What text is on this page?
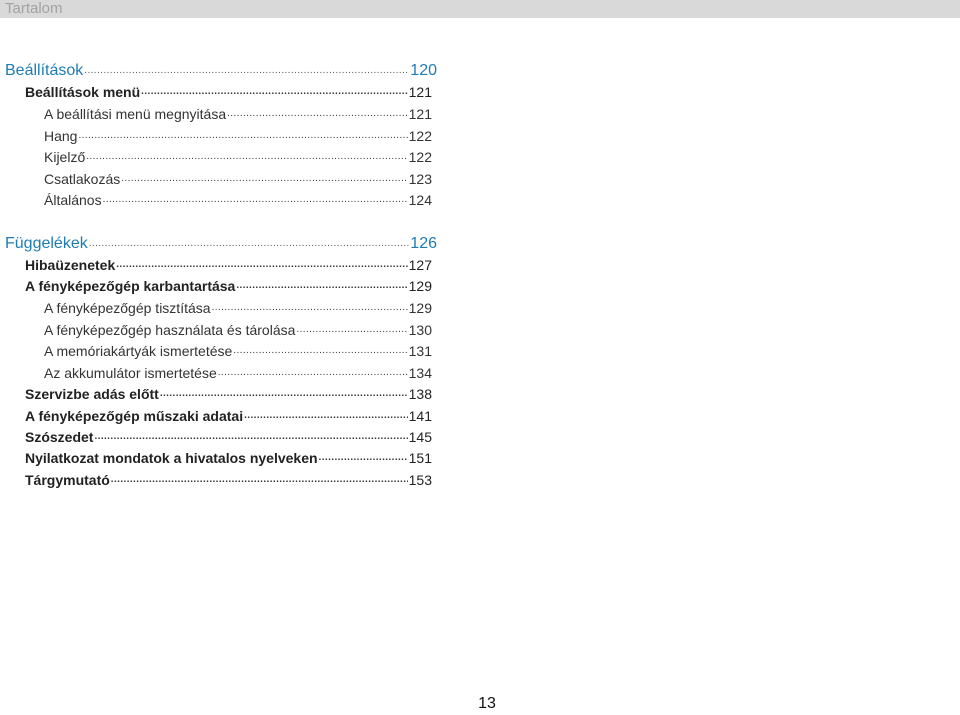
Tartalom
Beállítások .....	120
Beállítások menü .....	121
A beállítási menü megnyitása .....	121
Hang .....	122
Kijelző .....	122
Csatlakozás .....	123
Általános .....	124
Függelékek .....	126
Hibaüzenetek .....	127
A fényképezőgép karbantartása .....	129
A fényképezőgép tisztítása .....	129
A fényképezőgép használata és tárolása .....	130
A memóriakártyák ismertetése .....	131
Az akkumulátor ismertetése .....	134
Szervizbe adás előtt .....	138
A fényképezőgép műszaki adatai .....	141
Szószedet .....	145
Nyilatkozat mondatok a hivatalos nyelveken .....	151
Tárgymutató .....	153
13
